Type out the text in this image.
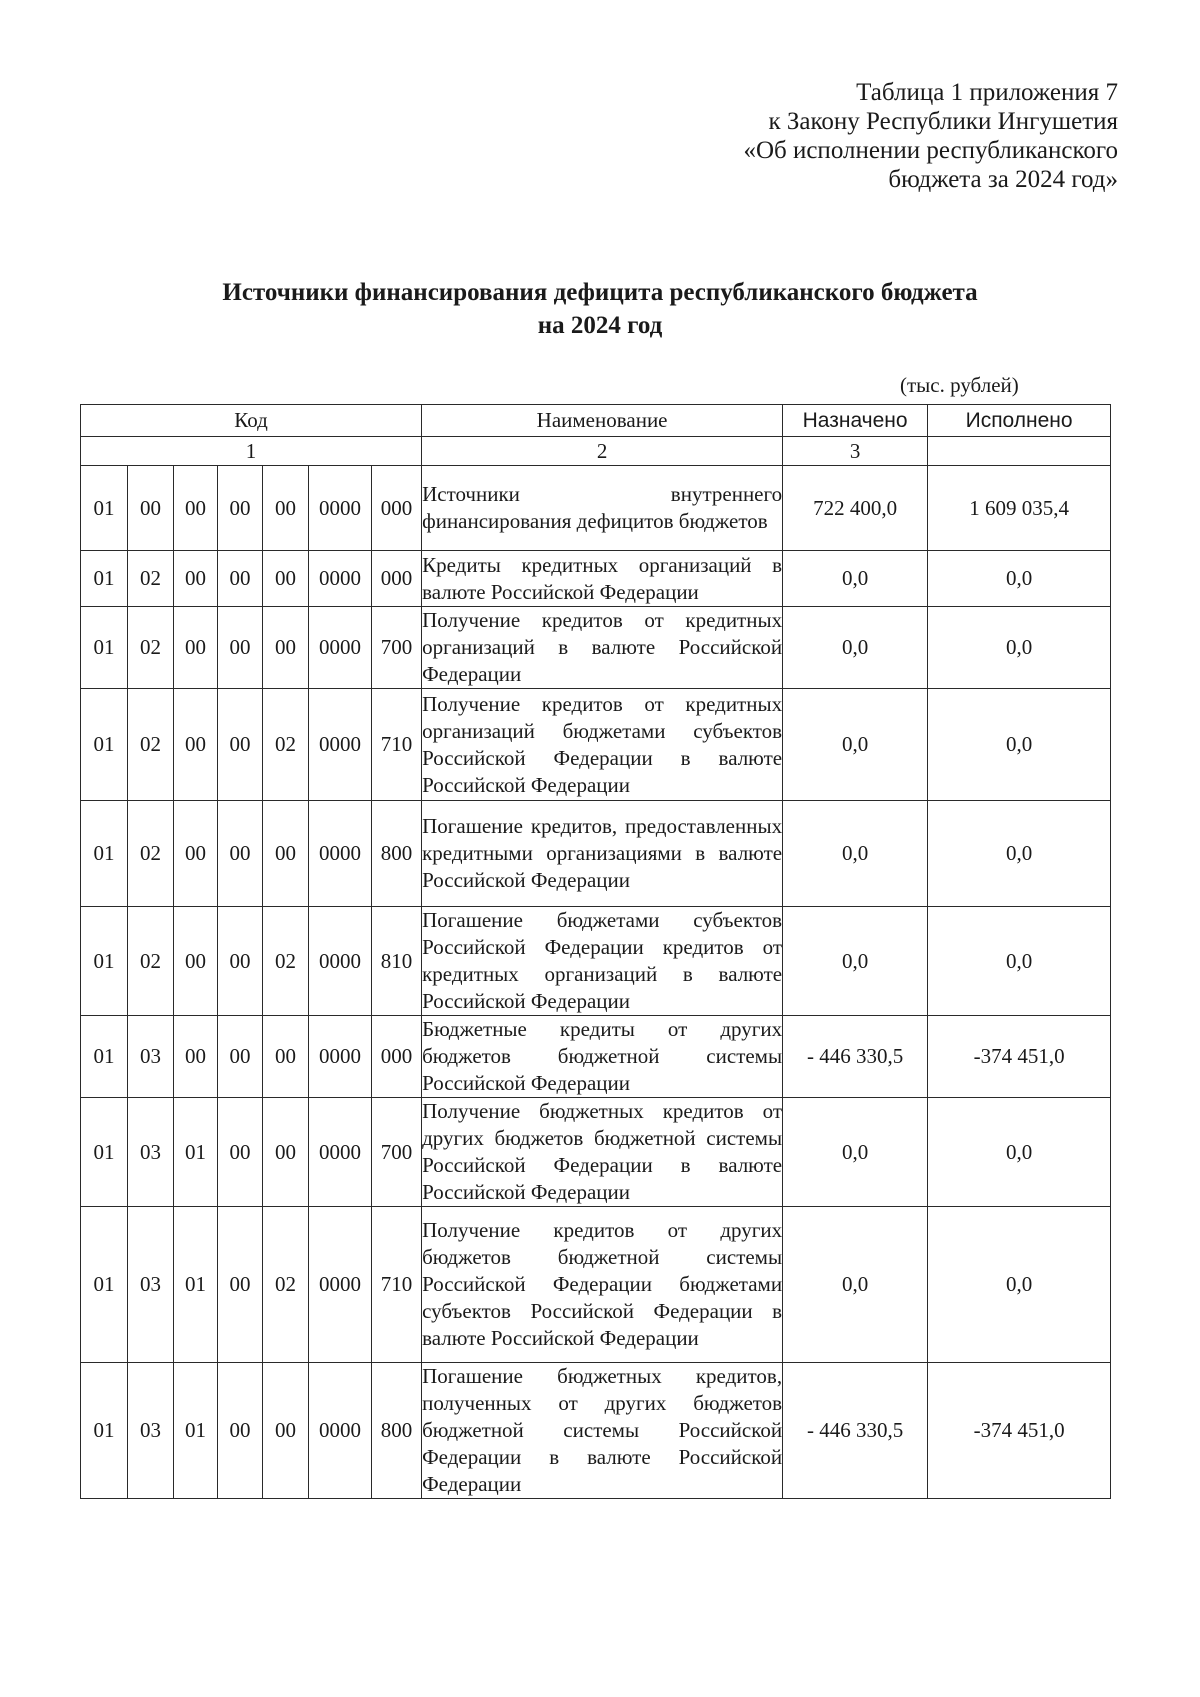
Таблица 1 приложения 7
к Закону Республики Ингушетия
«Об исполнении республиканского
бюджета за 2024 год»
Источники финансирования дефицита республиканского бюджета
на 2024 год
(тыс. рублей)
Код							Наименование	Назначено	Исполнено
1							2	3	
01	00	00	00	00	0000	000	Источники внутреннего финансирования дефицитов бюджетов	722 400,0	1 609 035,4
01	02	00	00	00	0000	000	Кредиты кредитных организаций в валюте Российской Федерации	0,0	0,0
01	02	00	00	00	0000	700	Получение кредитов от кредитных организаций в валюте Российской Федерации	0,0	0,0
01	02	00	00	02	0000	710	Получение кредитов от кредитных организаций бюджетами субъектов Российской Федерации в валюте Российской Федерации	0,0	0,0
01	02	00	00	00	0000	800	Погашение кредитов, предоставленных кредитными организациями в валюте Российской Федерации	0,0	0,0
01	02	00	00	02	0000	810	Погашение бюджетами субъектов Российской Федерации кредитов от кредитных организаций в валюте Российской Федерации	0,0	0,0
01	03	00	00	00	0000	000	Бюджетные кредиты от других бюджетов бюджетной системы Российской Федерации	- 446 330,5	-374 451,0
01	03	01	00	00	0000	700	Получение бюджетных кредитов от других бюджетов бюджетной системы Российской Федерации в валюте Российской Федерации	0,0	0,0
01	03	01	00	02	0000	710	Получение кредитов от других бюджетов бюджетной системы Российской Федерации бюджетами субъектов Российской Федерации в валюте Российской Федерации	0,0	0,0
01	03	01	00	00	0000	800	Погашение бюджетных кредитов, полученных от других бюджетов бюджетной системы Российской Федерации в валюте Российской Федерации	- 446 330,5	-374 451,0
